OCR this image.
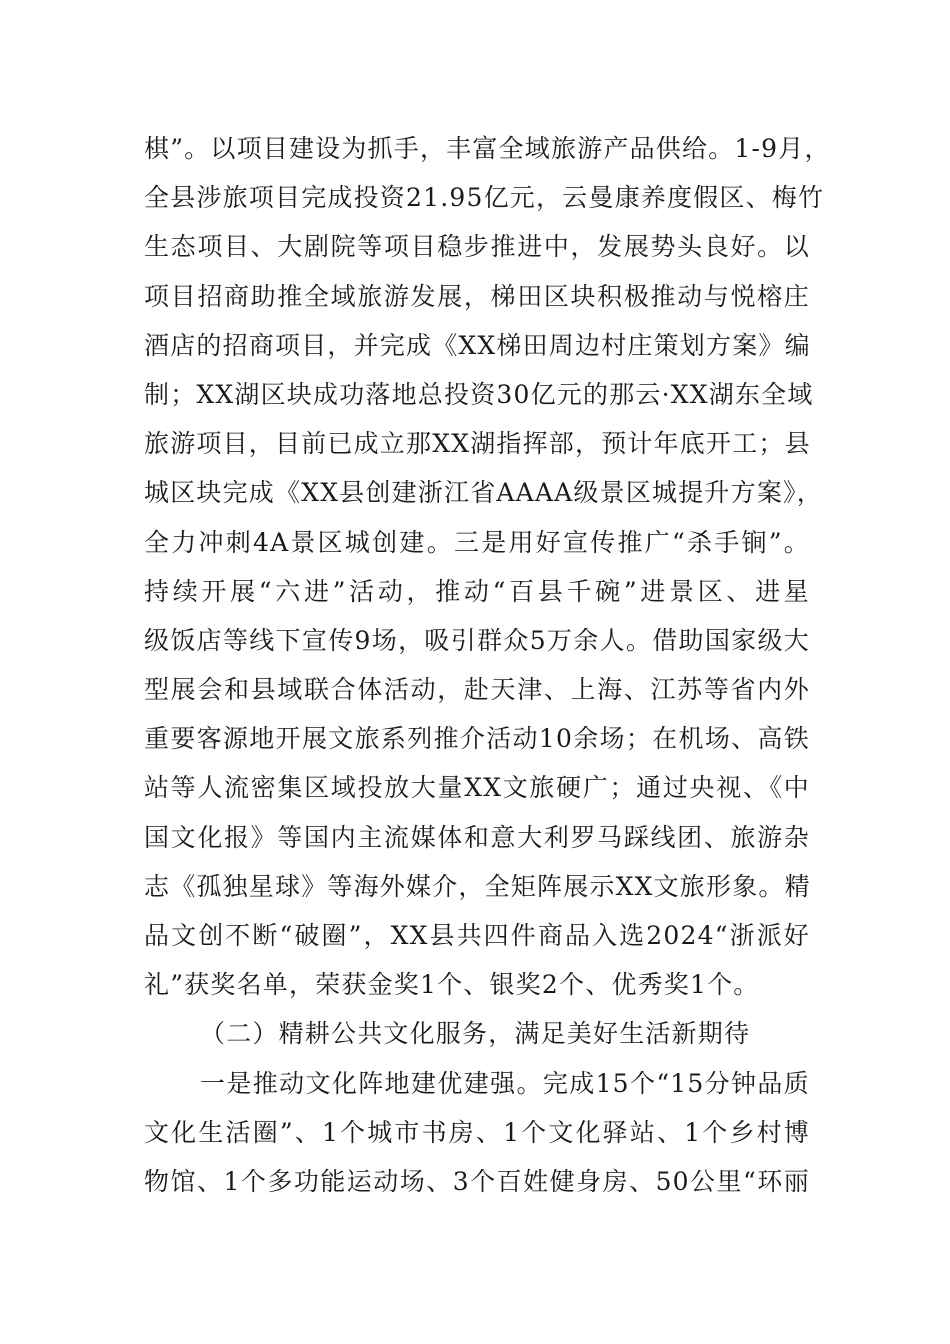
棋”。以项目建设为抓手，丰富全域旅游产品供给。1-9月，
全县涉旅项目完成投资21.95亿元，云曼康养度假区、梅竹
生态项目、大剧院等项目稳步推进中，发展势头良好。以
项目招商助推全域旅游发展，梯田区块积极推动与悦榕庄
酒店的招商项目，并完成《XX梯田周边村庄策划方案》编
制；XX湖区块成功落地总投资30亿元的那云·XX湖东全域
旅游项目，目前已成立那XX湖指挥部，预计年底开工；县
城区块完成《XX县创建浙江省AAAA级景区城提升方案》，
全力冲刺4A景区城创建。三是用好宣传推广“杀手锏”。
持续开展“六进”活动，推动“百县千碗”进景区、进星
级饭店等线下宣传9场，吸引群众5万余人。借助国家级大
型展会和县域联合体活动，赴天津、上海、江苏等省内外
重要客源地开展文旅系列推介活动10余场；在机场、高铁
站等人流密集区域投放大量XX文旅硬广；通过央视、《中
国文化报》等国内主流媒体和意大利罗马踩线团、旅游杂
志《孤独星球》等海外媒介，全矩阵展示XX文旅形象。精
品文创不断“破圈”，XX县共四件商品入选2024“浙派好
礼”获奖名单，荣获金奖1个、银奖2个、优秀奖1个。
（二）精耕公共文化服务，满足美好生活新期待
一是推动文化阵地建优建强。完成15个“15分钟品质
文化生活圈”、1个城市书房、1个文化驿站、1个乡村博
物馆、1个多功能运动场、3个百姓健身房、50公里“环丽
